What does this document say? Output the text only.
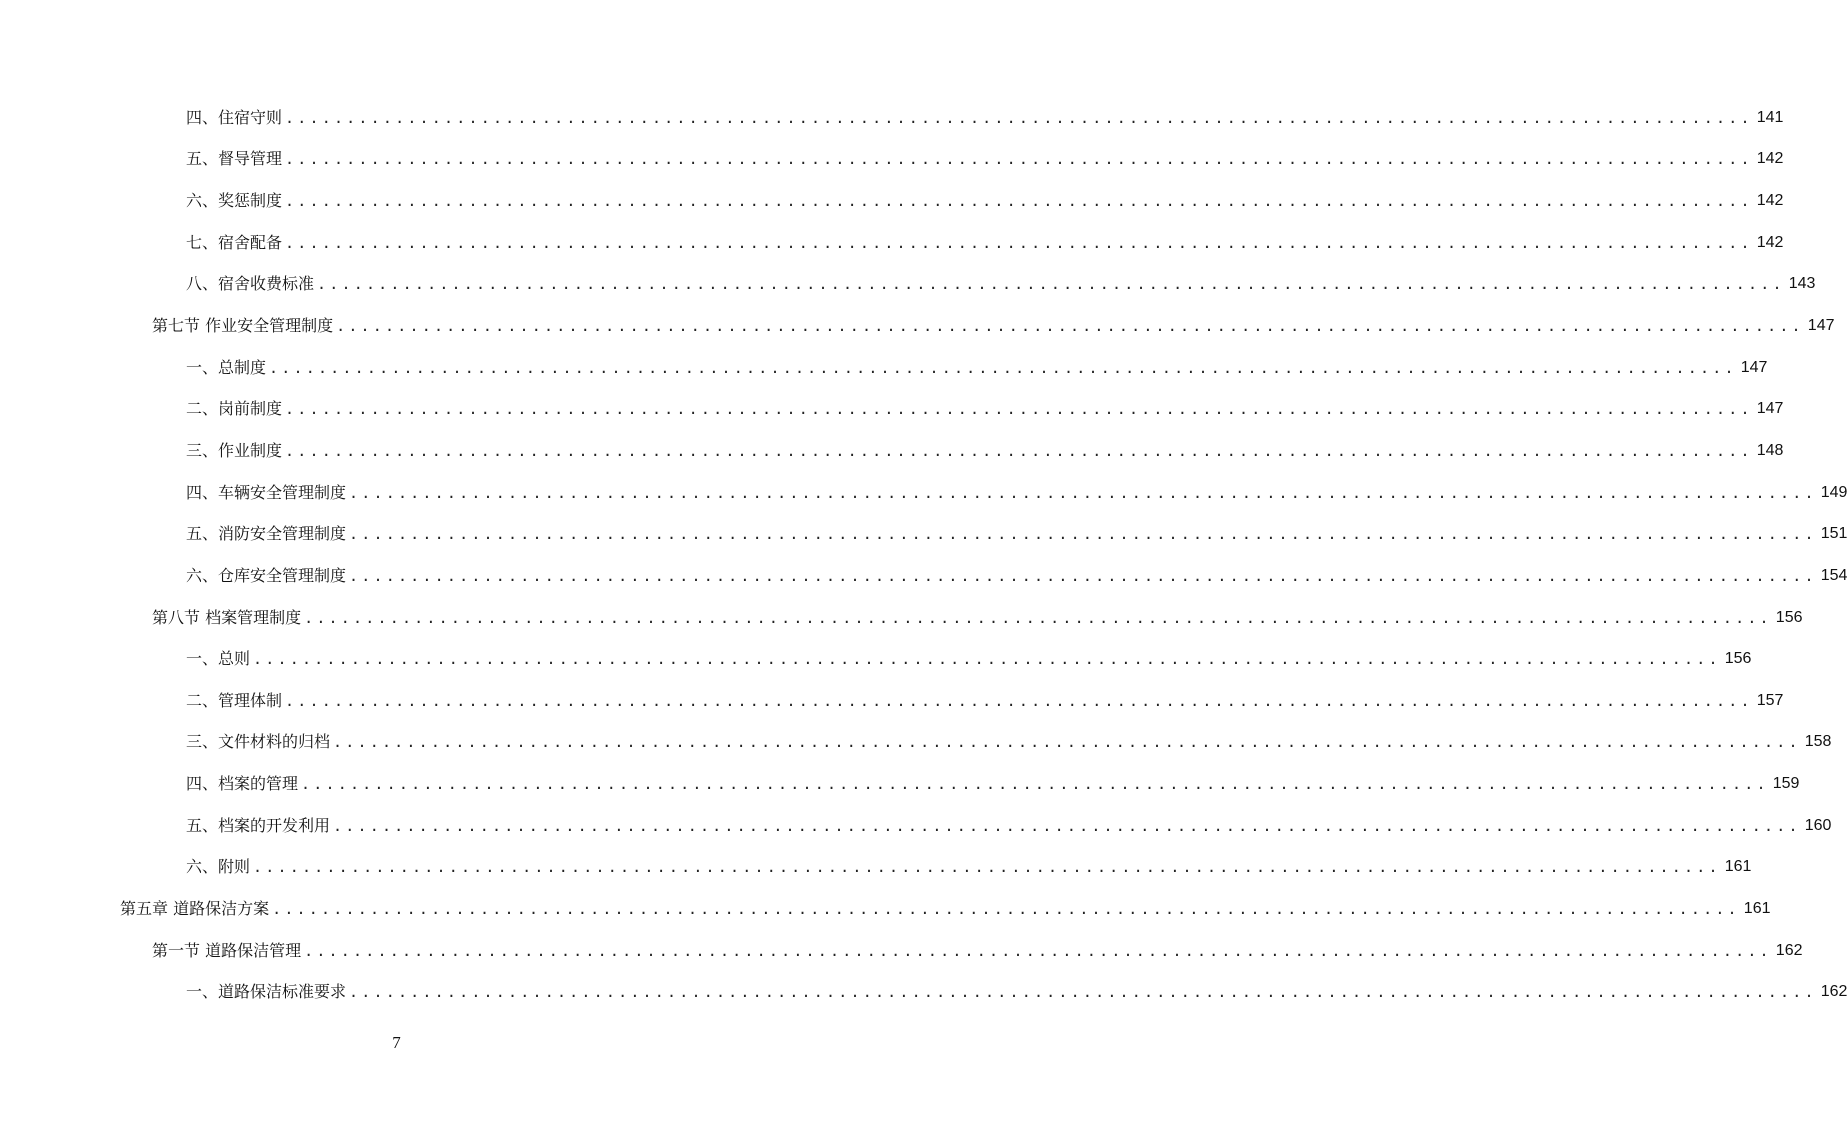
四、住宿守则 ........................................................................................................................ 141
五、督导管理 ........................................................................................................................ 142
六、奖惩制度 ........................................................................................................................ 142
七、宿舍配备 ........................................................................................................................ 142
八、宿舍收费标准 ........................................................................................................................ 143
第七节 作业安全管理制度 ........................................................................................................................ 147
一、总制度 ........................................................................................................................ 147
二、岗前制度 ........................................................................................................................ 147
三、作业制度 ........................................................................................................................ 148
四、车辆安全管理制度 ........................................................................................................................ 149
五、消防安全管理制度 ........................................................................................................................ 151
六、仓库安全管理制度 ........................................................................................................................ 154
第八节 档案管理制度 ........................................................................................................................ 156
一、总则 ........................................................................................................................ 156
二、管理体制 ........................................................................................................................ 157
三、文件材料的归档 ........................................................................................................................ 158
四、档案的管理 ........................................................................................................................ 159
五、档案的开发利用 ........................................................................................................................ 160
六、附则 ........................................................................................................................ 161
第五章 道路保洁方案 ........................................................................................................................ 161
第一节 道路保洁管理 ........................................................................................................................ 162
一、道路保洁标准要求 ........................................................................................................................ 162
7
